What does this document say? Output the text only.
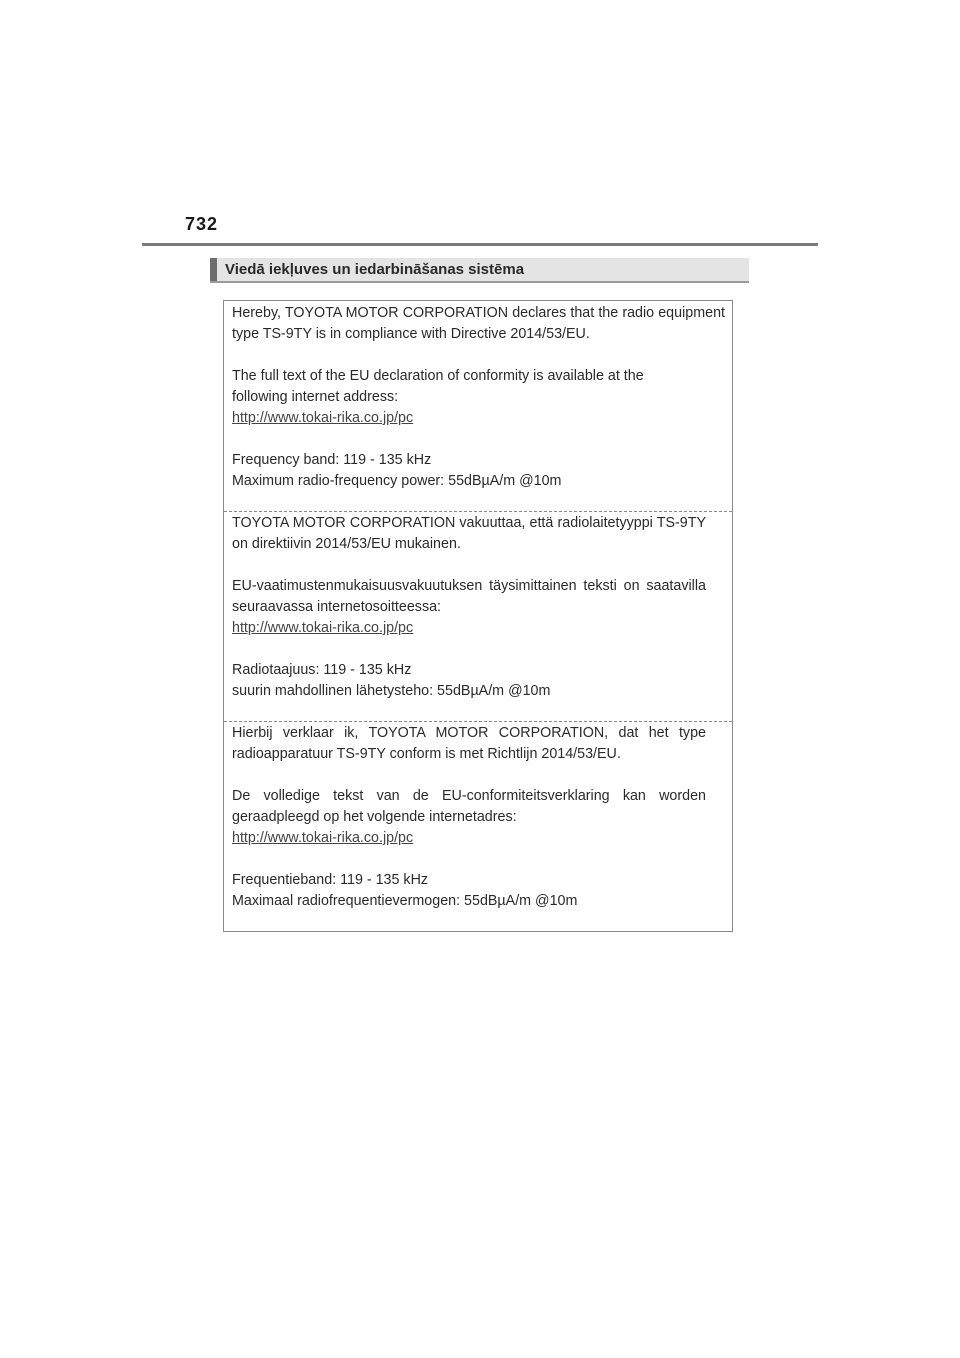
732
Viedā iekļuves un iedarbināšanas sistēma

Hereby, TOYOTA MOTOR CORPORATION declares that the radio equipment type TS-9TY is in compliance with Directive 2014/53/EU.

The full text of the EU declaration of conformity is available at the following internet address:
http://www.tokai-rika.co.jp/pc

Frequency band: 119 - 135 kHz
Maximum radio-frequency power: 55dBµA/m @10m

TOYOTA MOTOR CORPORATION vakuuttaa, että radiolaitetyyppi TS-9TY on direktiivin 2014/53/EU mukainen.

EU-vaatimustenmukaisuusvakuutuksen täysimittainen teksti on saatavilla seuraavassa internetosoitteessa:
http://www.tokai-rika.co.jp/pc

Radiotaajuus: 119 - 135 kHz
suurin mahdollinen lähetysteho: 55dBµA/m @10m

Hierbij verklaar ik, TOYOTA MOTOR CORPORATION, dat het type radioapparatuur TS-9TY conform is met Richtlijn 2014/53/EU.

De volledige tekst van de EU-conformiteitsverklaring kan worden geraadpleegd op het volgende internetadres:
http://www.tokai-rika.co.jp/pc

Frequentieband: 119 - 135 kHz
Maximaal radiofrequentievermogen: 55dBµA/m @10m
